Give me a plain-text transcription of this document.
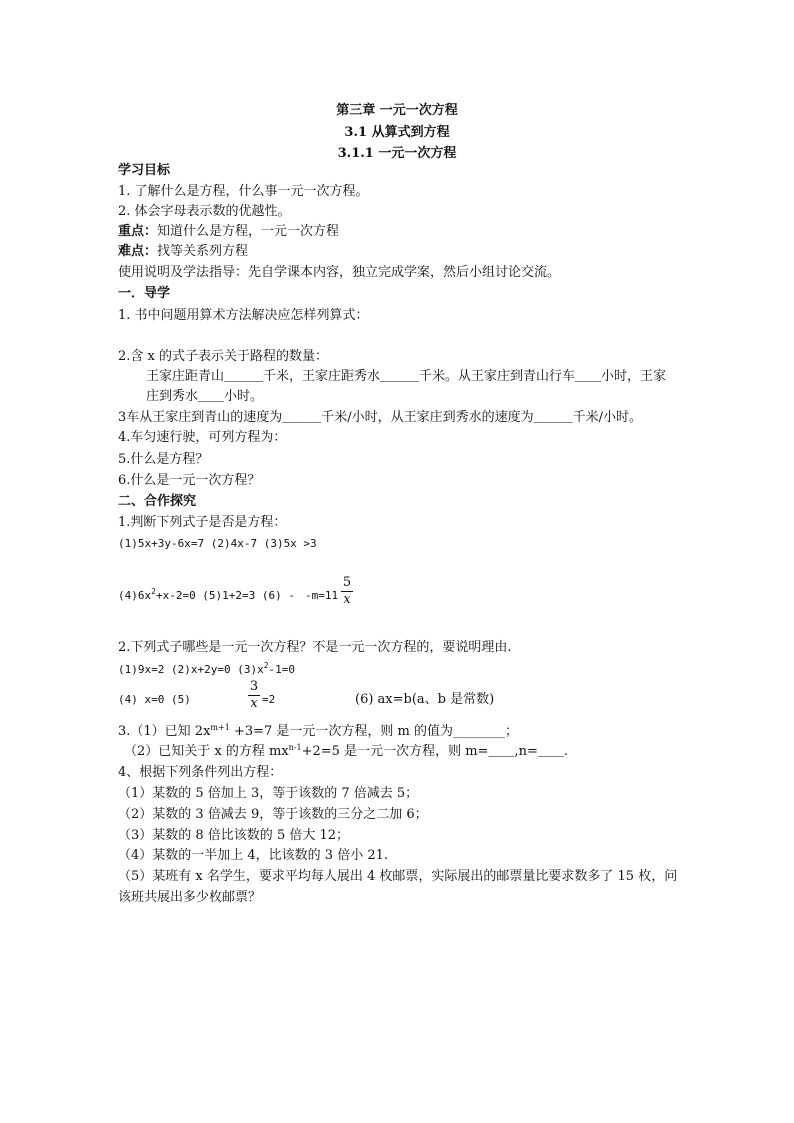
第三章 一元一次方程
3.1 从算式到方程
3.1.1 一元一次方程
学习目标
1. 了解什么是方程，什么事一元一次方程。
2. 体会字母表示数的优越性。
重点：知道什么是方程，一元一次方程
难点：找等关系列方程
使用说明及学法指导：先自学课本内容，独立完成学案，然后小组讨论交流。
一．导学
1. 书中问题用算术方法解决应怎样列算式：
2.含 x 的式子表示关于路程的数量：
王家庄距青山＿＿＿千米，王家庄距秀水＿＿＿千米。从王家庄到青山行车＿＿小时，王家
庄到秀水＿＿小时。
3车从王家庄到青山的速度为＿＿＿千米/小时，从王家庄到秀水的速度为＿＿＿千米/小时。
4.车匀速行驶，可列方程为：
5.什么是方程？
6.什么是一元一次方程？
二、合作探究
1.判断下列式子是否是方程：
(1)5x+3y-6x=7 (2)4x-7 (3)5x >3
$(4)6x^2+x-2=0$ (5)1+2=3 (6) - -m=11
5
x
2.下列式子哪些是一元一次方程？不是一元一次方程的，要说明理由.
(1)9x=2 (2)x+2y=0 $(3)x^2-1=0$
(4) x=0 (5)
3
x =2	(6) ax=b(a、b 是常数)
3.（1）已知 $2x^{m+1} +3=7$ 是一元一次方程，则 m 的值为________；
（2）已知关于 x 的方程 $mx^{n-1}+2=5$ 是一元一次方程，则 m=＿＿,n=＿＿.
4、根据下列条件列出方程：
（1）某数的 5 倍加上 3，等于该数的 7 倍减去 5；
（2）某数的 3 倍减去 9，等于该数的三分之二加 6；
（3）某数的 8 倍比该数的 5 倍大 12；
（4）某数的一半加上 4，比该数的 3 倍小 21.
（5）某班有 x 名学生，要求平均每人展出 4 枚邮票，实际展出的邮票量比要求数多了 15 枚，问
该班共展出多少枚邮票？
